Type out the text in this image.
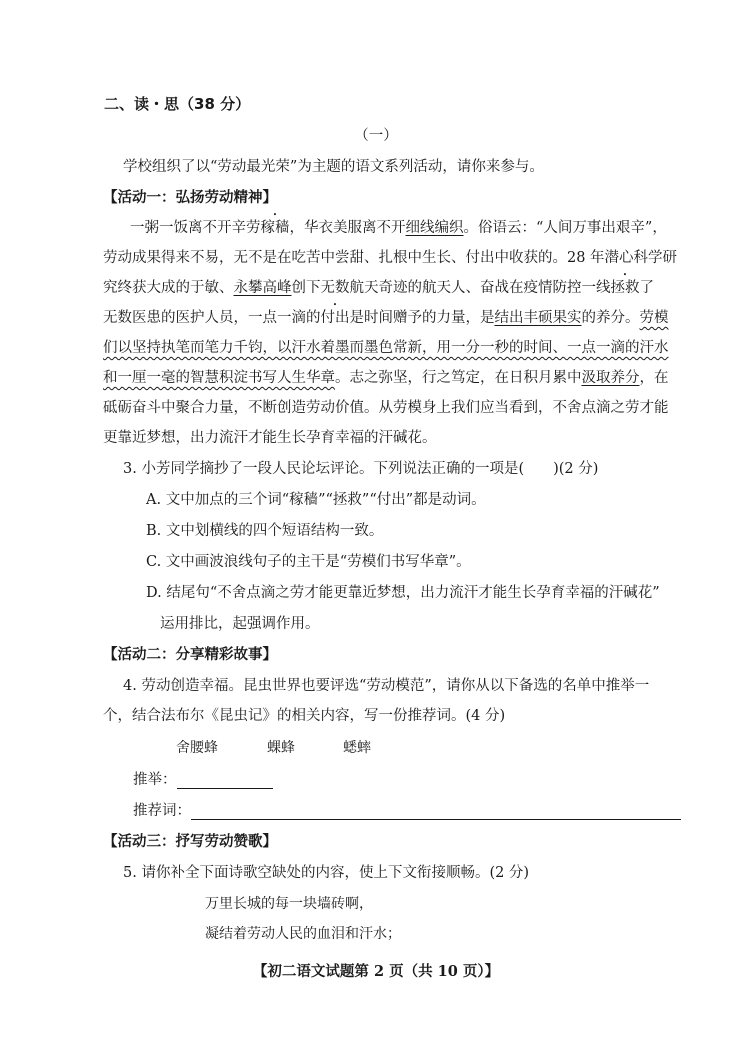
二、读・思（38 分）
（一）
学校组织了以“劳动最光荣”为主题的语文系列活动，请你来参与。
【活动一：弘扬劳动精神】
一粥一饭离不开辛劳稼穑，华衣美服离不开细线编织。俗语云：“人间万事出艰辛”，
劳动成果得来不易，无不是在吃苦中尝甜、扎根中生长、付出中收获的。28 年潜心科学研
究终获大成的于敏、永攀高峰创下无数航天奇迹的航天人、奋战在疫情防控一线拯救了
无数医患的医护人员，一点一滴的付出是时间赠予的力量，是结出丰硕果实的养分。劳模
们以坚持执笔而笔力千钧，以汗水着墨而墨色常新，用一分一秒的时间、一点一滴的汗水
和一厘一毫的智慧积淀书写人生华章。志之弥坚，行之笃定，在日积月累中汲取养分，在
砥砺奋斗中聚合力量，不断创造劳动价值。从劳模身上我们应当看到，不舍点滴之劳才能
更靠近梦想，出力流汗才能生长孕育幸福的汗碱花。
3. 小芳同学摘抄了一段人民论坛评论。下列说法正确的一项是(　　)(2 分)
A. 文中加点的三个词“稼穑”“拯救”“付出”都是动词。
B. 文中划横线的四个短语结构一致。
C. 文中画波浪线句子的主干是“劳模们书写华章”。
D. 结尾句“不舍点滴之劳才能更靠近梦想，出力流汗才能生长孕育幸福的汗碱花”
运用排比，起强调作用。
【活动二：分享精彩故事】
4. 劳动创造幸福。昆虫世界也要评选“劳动模范”，请你从以下备选的名单中推举一
个，结合法布尔《昆虫记》的相关内容，写一份推荐词。(4 分)
舍腰蜂	蜾蜂	蟋蟀
推举：
推荐词：
【活动三：抒写劳动赞歌】
5. 请你补全下面诗歌空缺处的内容，使上下文衔接顺畅。(2 分)
万里长城的每一块墙砖啊，
凝结着劳动人民的血泪和汗水；
【初二语文试题第 2 页（共 10 页）】
